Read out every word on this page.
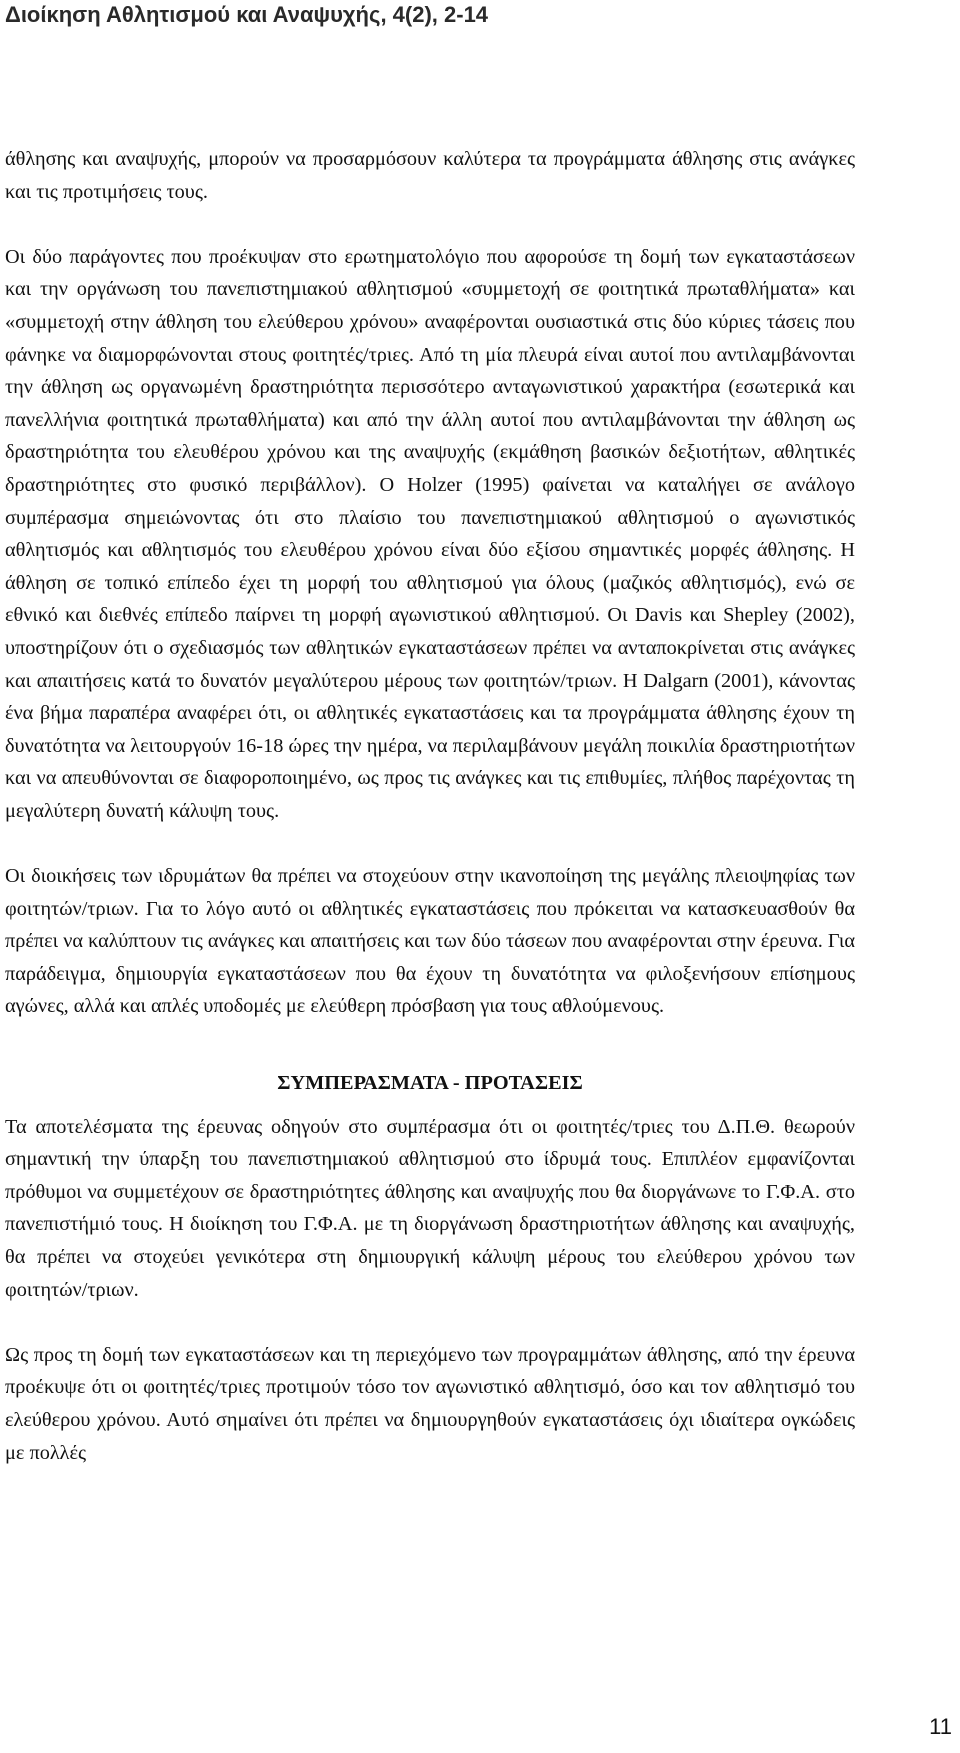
Διοίκηση Αθλητισμού και Αναψυχής, 4(2), 2-14

άθλησης και αναψυχής, μπορούν να προσαρμόσουν καλύτερα τα προγράμματα άθλησης στις ανάγκες και τις προτιμήσεις τους.

Οι δύο παράγοντες που προέκυψαν στο ερωτηματολόγιο που αφορούσε τη δομή των εγκαταστάσεων και την οργάνωση του πανεπιστημιακού αθλητισμού «συμμετοχή σε φοιτητικά πρωταθλήματα» και «συμμετοχή στην άθληση του ελεύθερου χρόνου» αναφέρονται ουσιαστικά στις δύο κύριες τάσεις που φάνηκε να διαμορφώνονται στους φοιτητές/τριες. Από τη μία πλευρά είναι αυτοί που αντιλαμβάνονται την άθληση ως οργανωμένη δραστηριότητα περισσότερο ανταγωνιστικού χαρακτήρα (εσωτερικά και πανελλήνια φοιτητικά πρωταθλήματα) και από την άλλη αυτοί που αντιλαμβάνονται την άθληση ως δραστηριότητα του ελευθέρου χρόνου και της αναψυχής (εκμάθηση βασικών δεξιοτήτων, αθλητικές δραστηριότητες στο φυσικό περιβάλλον). Ο Holzer (1995) φαίνεται να καταλήγει σε ανάλογο συμπέρασμα σημειώνοντας ότι στο πλαίσιο του πανεπιστημιακού αθλητισμού ο αγωνιστικός αθλητισμός και αθλητισμός του ελευθέρου χρόνου είναι δύο εξίσου σημαντικές μορφές άθλησης. Η άθληση σε τοπικό επίπεδο έχει τη μορφή του αθλητισμού για όλους (μαζικός αθλητισμός), ενώ σε εθνικό και διεθνές επίπεδο παίρνει τη μορφή αγωνιστικού αθλητισμού. Οι Davis και Shepley (2002), υποστηρίζουν ότι ο σχεδιασμός των αθλητικών εγκαταστάσεων πρέπει να ανταποκρίνεται στις ανάγκες και απαιτήσεις κατά το δυνατόν μεγαλύτερου μέρους των φοιτητών/τριων. Η Dalgarn (2001), κάνοντας ένα βήμα παραπέρα αναφέρει ότι, οι αθλητικές εγκαταστάσεις και τα προγράμματα άθλησης έχουν τη δυνατότητα να λειτουργούν 16-18 ώρες την ημέρα, να περιλαμβάνουν μεγάλη ποικιλία δραστηριοτήτων και να απευθύνονται σε διαφοροποιημένο, ως προς τις ανάγκες και τις επιθυμίες, πλήθος παρέχοντας τη μεγαλύτερη δυνατή κάλυψη τους.

Οι διοικήσεις των ιδρυμάτων θα πρέπει να στοχεύουν στην ικανοποίηση της μεγάλης πλειοψηφίας των φοιτητών/τριων. Για το λόγο αυτό οι αθλητικές εγκαταστάσεις που πρόκειται να κατασκευασθούν θα πρέπει να καλύπτουν τις ανάγκες και απαιτήσεις και των δύο τάσεων που αναφέρονται στην έρευνα. Για παράδειγμα, δημιουργία εγκαταστάσεων που θα έχουν τη δυνατότητα να φιλοξενήσουν επίσημους αγώνες, αλλά και απλές υποδομές με ελεύθερη πρόσβαση για τους αθλούμενους.

ΣΥΜΠΕΡΑΣΜΑΤΑ - ΠΡΟΤΑΣΕΙΣ

Τα αποτελέσματα της έρευνας οδηγούν στο συμπέρασμα ότι οι φοιτητές/τριες του Δ.Π.Θ. θεωρούν σημαντική την ύπαρξη του πανεπιστημιακού αθλητισμού στο ίδρυμά τους. Επιπλέον εμφανίζονται πρόθυμοι να συμμετέχουν σε δραστηριότητες άθλησης και αναψυχής που θα διοργάνωνε το Γ.Φ.Α. στο πανεπιστήμιό τους. Η διοίκηση του Γ.Φ.Α. με τη διοργάνωση δραστηριοτήτων άθλησης και αναψυχής, θα πρέπει να στοχεύει γενικότερα στη δημιουργική κάλυψη μέρους του ελεύθερου χρόνου των φοιτητών/τριων.

Ως προς τη δομή των εγκαταστάσεων και τη περιεχόμενο των προγραμμάτων άθλησης, από την έρευνα προέκυψε ότι οι φοιτητές/τριες προτιμούν τόσο τον αγωνιστικό αθλητισμό, όσο και τον αθλητισμό του ελεύθερου χρόνου. Αυτό σημαίνει ότι πρέπει να δημιουργηθούν εγκαταστάσεις όχι ιδιαίτερα ογκώδεις με πολλές

11
